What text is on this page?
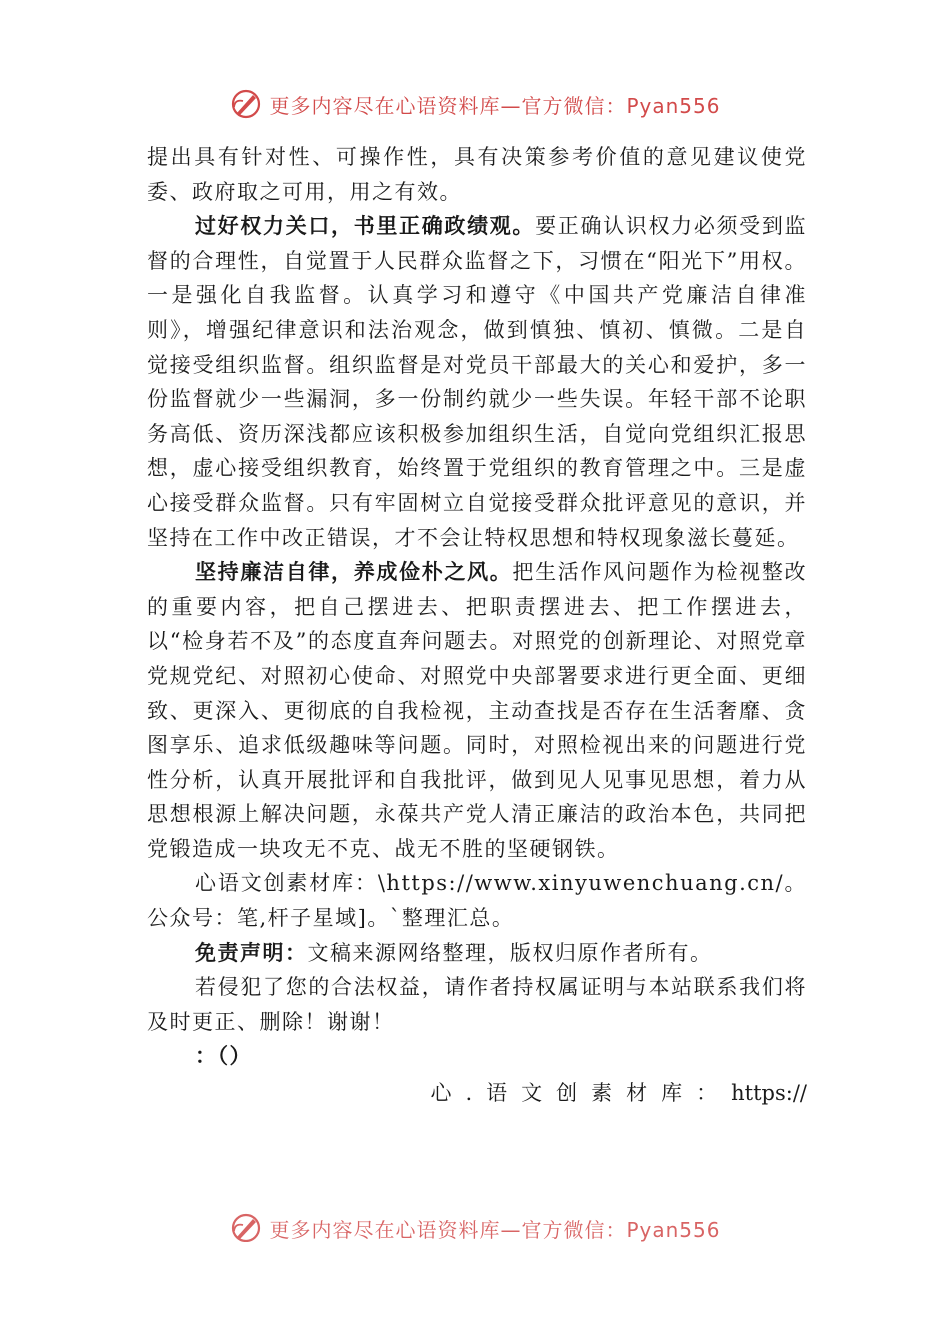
更多内容尽在心语资料库—官方微信：Pyan556

提出具有针对性、可操作性，具有决策参考价值的意见建议使党委、政府取之可用，用之有效。

过好权力关口，书里正确政绩观。要正确认识权力必须受到监督的合理性，自觉置于人民群众监督之下，习惯在“阳光下”用权。一是强化自我监督。认真学习和遵守《中国共产党廉洁自律准则》，增强纪律意识和法治观念，做到慎独、慎初、慎微。二是自觉接受组织监督。组织监督是对党员干部最大的关心和爱护，多一份监督就少一些漏洞，多一份制约就少一些失误。年轻干部不论职务高低、资历深浅都应该积极参加组织生活，自觉向党组织汇报思想，虚心接受组织教育，始终置于党组织的教育管理之中。三是虚心接受群众监督。只有牢固树立自觉接受群众批评意见的意识，并坚持在工作中改正错误，才不会让特权思想和特权现象滋长蔓延。

坚持廉洁自律，养成俭朴之风。把生活作风问题作为检视整改的重要内容，把自己摆进去、把职责摆进去、把工作摆进去，以“检身若不及”的态度直奔问题去。对照党的创新理论、对照党章党规党纪、对照初心使命、对照党中央部署要求进行更全面、更细致、更深入、更彻底的自我检视，主动查找是否存在生活奢靡、贪图享乐、追求低级趣味等问题。同时，对照检视出来的问题进行党性分析，认真开展批评和自我批评，做到见人见事见思想，着力从思想根源上解决问题，永葆共产党人清正廉洁的政治本色，共同把党锻造成一块攻无不克、战无不胜的坚硬钢铁。

心语文创素材库：\https://www.xinyuwenchuang.cn/。公众号：笔,杆子星域]。`整理汇总。

免责声明：文稿来源网络整理，版权归原作者所有。

若侵犯了您的合法权益，请作者持权属证明与本站联系我们将及时更正、删除！谢谢！

：（）

心.语文创素材库：https://

更多内容尽在心语资料库—官方微信：Pyan556
